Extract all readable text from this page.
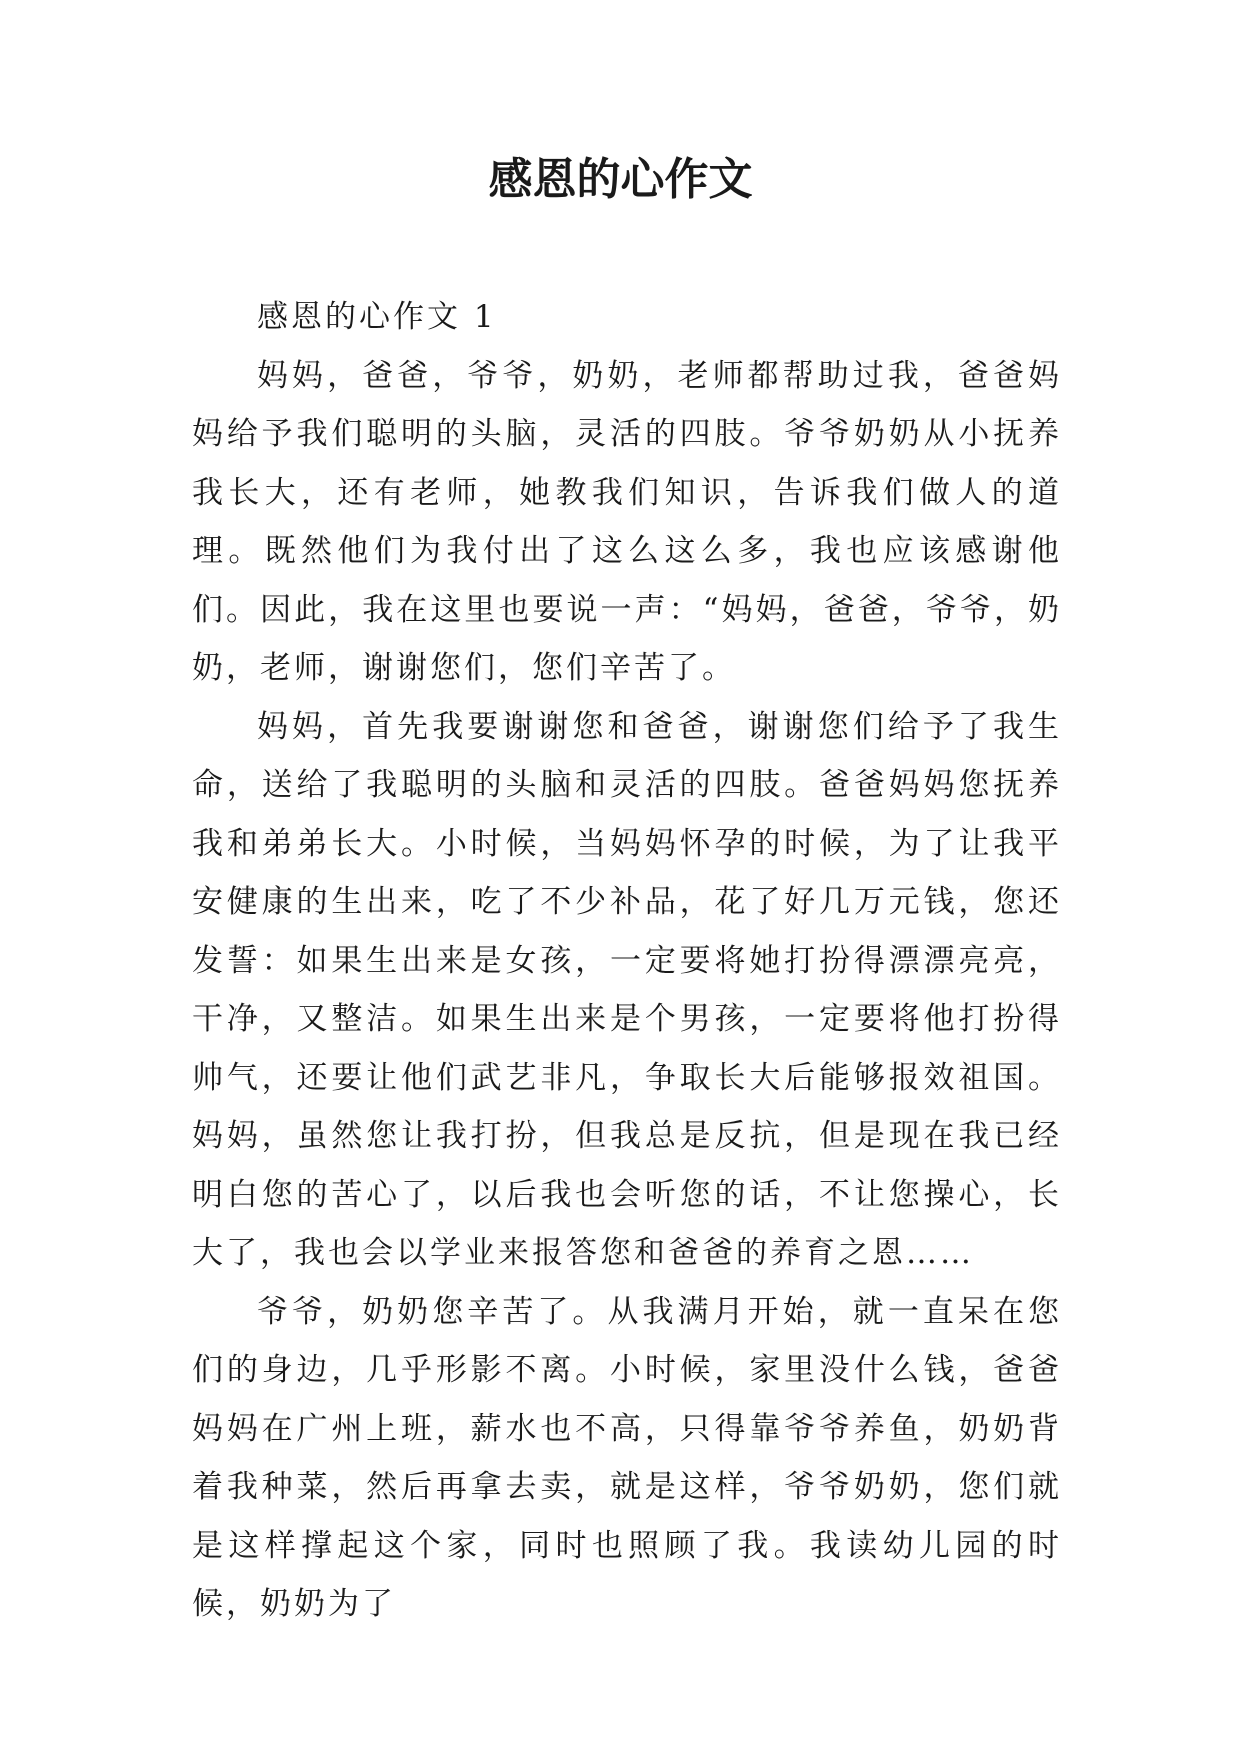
感恩的心作文

感恩的心作文 1

妈妈，爸爸，爷爷，奶奶，老师都帮助过我，爸爸妈妈给予我们聪明的头脑，灵活的四肢。爷爷奶奶从小抚养我长大，还有老师，她教我们知识，告诉我们做人的道理。既然他们为我付出了这么这么多，我也应该感谢他们。因此，我在这里也要说一声：“妈妈，爸爸，爷爷，奶奶，老师，谢谢您们，您们辛苦了。

妈妈，首先我要谢谢您和爸爸，谢谢您们给予了我生命，送给了我聪明的头脑和灵活的四肢。爸爸妈妈您抚养我和弟弟长大。小时候，当妈妈怀孕的时候，为了让我平安健康的生出来，吃了不少补品，花了好几万元钱，您还发誓：如果生出来是女孩，一定要将她打扮得漂漂亮亮，干净，又整洁。如果生出来是个男孩，一定要将他打扮得帅气，还要让他们武艺非凡，争取长大后能够报效祖国。妈妈，虽然您让我打扮，但我总是反抗，但是现在我已经明白您的苦心了，以后我也会听您的话，不让您操心，长大了，我也会以学业来报答您和爸爸的养育之恩……

爷爷，奶奶您辛苦了。从我满月开始，就一直呆在您们的身边，几乎形影不离。小时候，家里没什么钱，爸爸妈妈在广州上班，薪水也不高，只得靠爷爷养鱼，奶奶背着我种菜，然后再拿去卖，就是这样，爷爷奶奶，您们就是这样撑起这个家，同时也照顾了我。我读幼儿园的时候，奶奶为了
